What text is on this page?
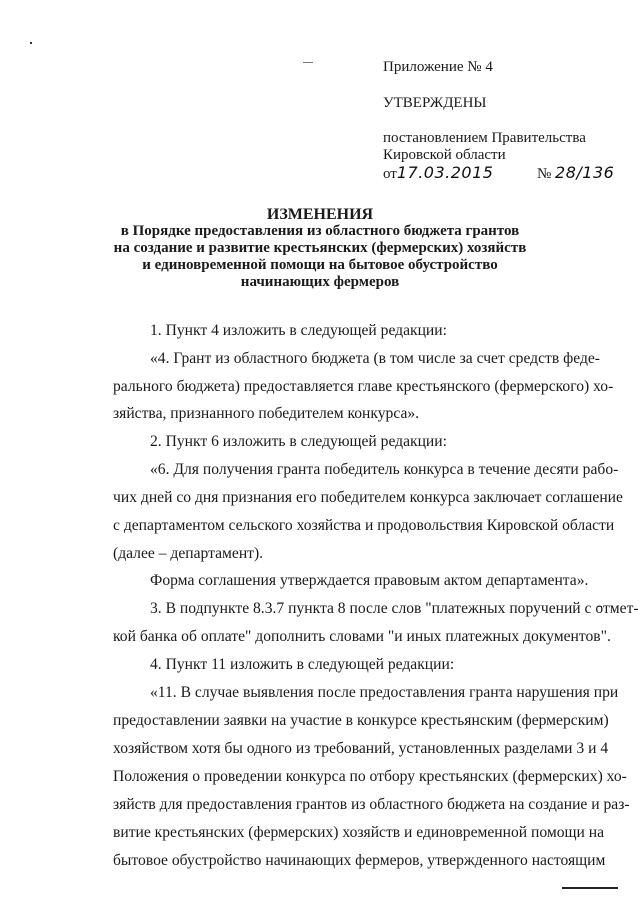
Приложение № 4
УТВЕРЖДЕНЫ
постановлением Правительства
Кировской области
от17.03.2015	№ 28/136
ИЗМЕНЕНИЯ
в Порядке предоставления из областного бюджета грантов
на создание и развитие крестьянских (фермерских) хозяйств
и единовременной помощи на бытовое обустройство
начинающих фермеров
1. Пункт 4 изложить в следующей редакции:
«4. Грант из областного бюджета (в том числе за счет средств феде-
рального бюджета) предоставляется главе крестьянского (фермерского) хо-
зяйства, признанного победителем конкурса».
2. Пункт 6 изложить в следующей редакции:
«6. Для получения гранта победитель конкурса в течение десяти рабо-
чих дней со дня признания его победителем конкурса заключает соглашение
с департаментом сельского хозяйства и продовольствия Кировской области
(далее – департамент).
Форма соглашения утверждается правовым актом департамента».
3. В подпункте 8.3.7 пункта 8 после слов "платежных поручений с отмет-
кой банка об оплате" дополнить словами "и иных платежных документов".
4. Пункт 11 изложить в следующей редакции:
«11. В случае выявления после предоставления гранта нарушения при
предоставлении заявки на участие в конкурсе крестьянским (фермерским)
хозяйством хотя бы одного из требований, установленных разделами 3 и 4
Положения о проведении конкурса по отбору крестьянских (фермерских) хо-
зяйств для предоставления грантов из областного бюджета на создание и раз-
витие крестьянских (фермерских) хозяйств и единовременной помощи на
бытовое обустройство начинающих фермеров, утвержденного настоящим
